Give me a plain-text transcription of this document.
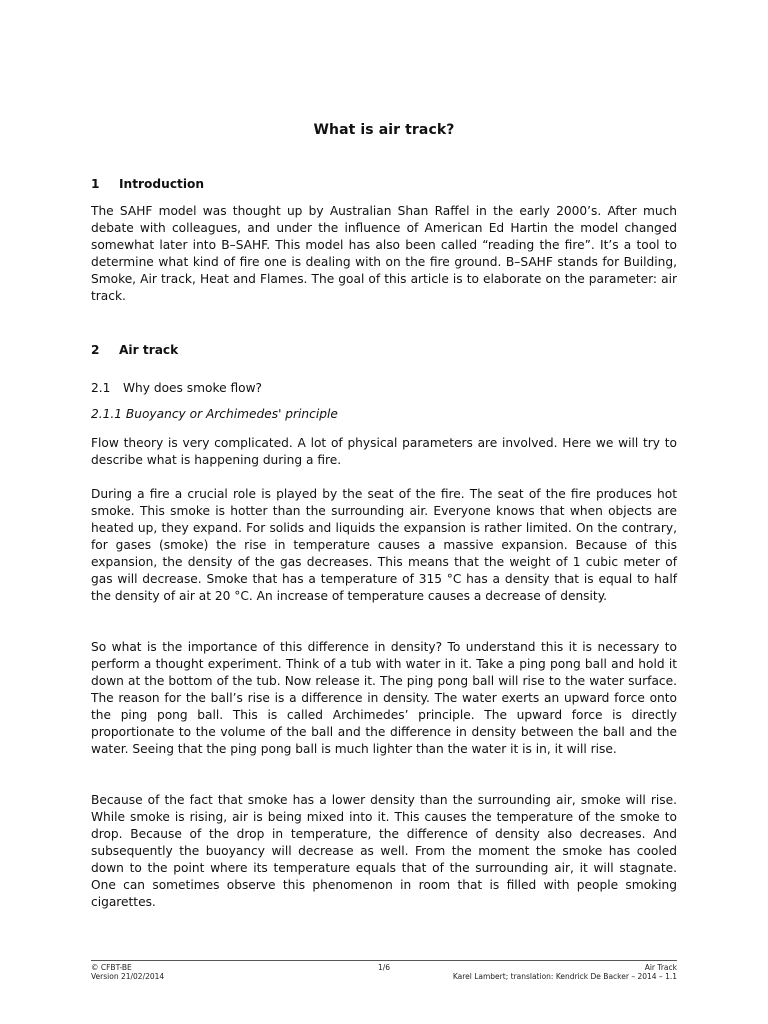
What is air track?
1 Introduction

The SAHF model was thought up by Australian Shan Raffel in the early 2000’s. After much debate with colleagues, and under the influence of American Ed Hartin the model changed somewhat later into B–SAHF. This model has also been called “reading the fire”. It’s a tool to determine what kind of fire one is dealing with on the fire ground. B–SAHF stands for Building, Smoke, Air track, Heat and Flames. The goal of this article is to elaborate on the parameter: air track.

2 Air track
2.1 Why does smoke flow?
2.1.1 Buoyancy or Archimedes' principle

Flow theory is very complicated. A lot of physical parameters are involved. Here we will try to describe what is happening during a fire.

During a fire a crucial role is played by the seat of the fire. The seat of the fire produces hot smoke. This smoke is hotter than the surrounding air. Everyone knows that when objects are heated up, they expand. For solids and liquids the expansion is rather limited. On the contrary, for gases (smoke) the rise in temperature causes a massive expansion. Because of this expansion, the density of the gas decreases. This means that the weight of 1 cubic meter of gas will decrease. Smoke that has a temperature of 315 °C has a density that is equal to half the density of air at 20 °C. An increase of temperature causes a decrease of density.

So what is the importance of this difference in density? To understand this it is necessary to perform a thought experiment. Think of a tub with water in it. Take a ping pong ball and hold it down at the bottom of the tub. Now release it. The ping pong ball will rise to the water surface. The reason for the ball’s rise is a difference in density. The water exerts an upward force onto the ping pong ball. This is called Archimedes’ principle. The upward force is directly proportionate to the volume of the ball and the difference in density between the ball and the water. Seeing that the ping pong ball is much lighter than the water it is in, it will rise.

Because of the fact that smoke has a lower density than the surrounding air, smoke will rise. While smoke is rising, air is being mixed into it. This causes the temperature of the smoke to drop. Because of the drop in temperature, the difference of density also decreases. And subsequently the buoyancy will decrease as well. From the moment the smoke has cooled down to the point where its temperature equals that of the surrounding air, it will stagnate. One can sometimes observe this phenomenon in room that is filled with people smoking cigarettes.

© CFBT-BE
Version 21/02/2014
1/6	Air Track
Karel Lambert; translation: Kendrick De Backer – 2014 – 1.1
